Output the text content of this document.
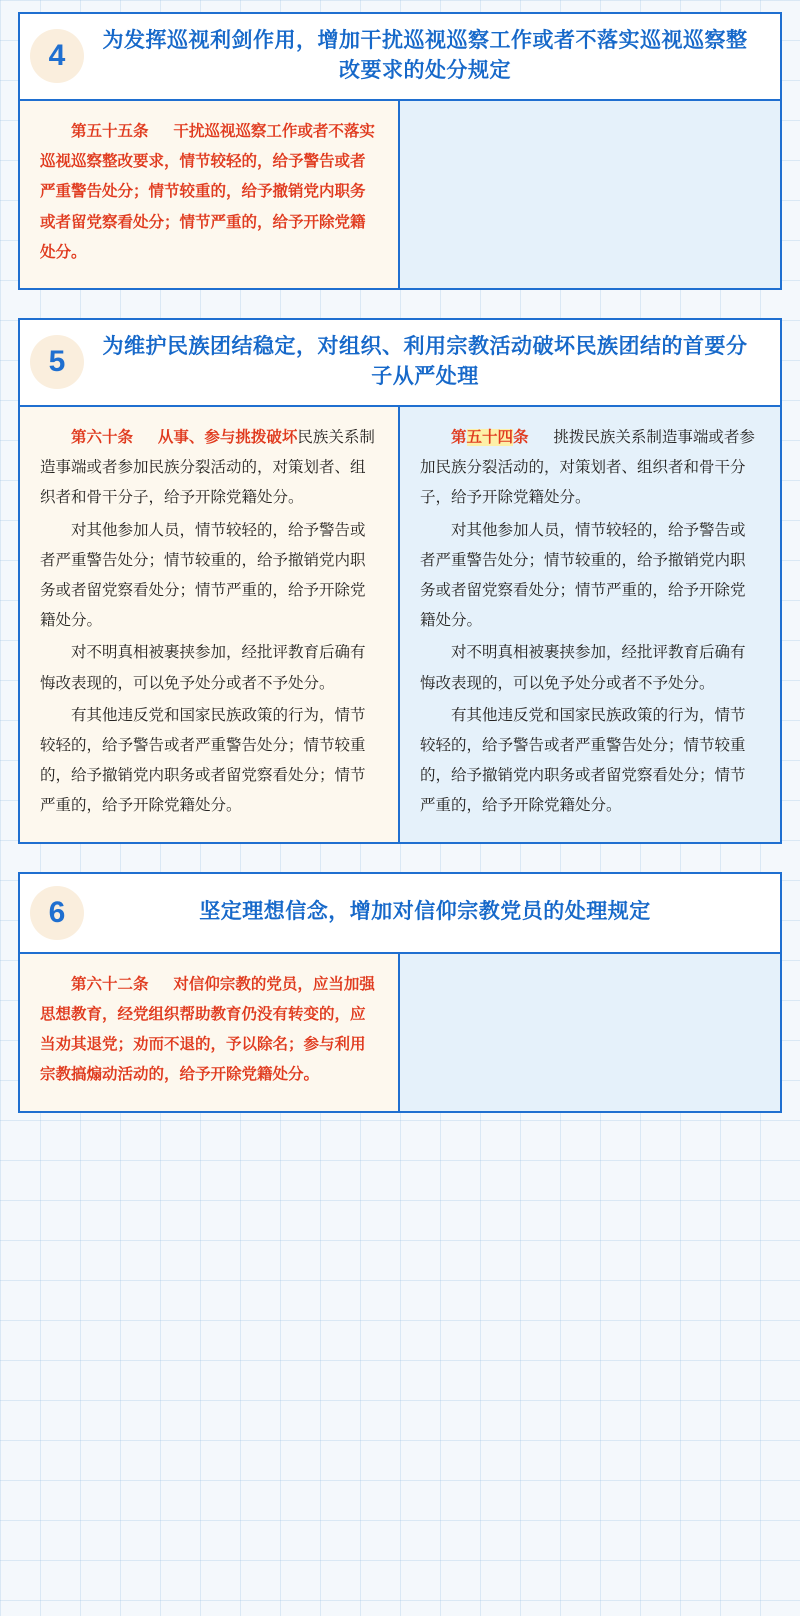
4	为发挥巡视利剑作用，增加干扰巡视巡察工作或者不落实巡视巡察整改要求的处分规定

第五十五条 干扰巡视巡察工作或者不落实巡视巡察整改要求，情节较轻的，给予警告或者严重警告处分；情节较重的，给予撤销党内职务或者留党察看处分；情节严重的，给予开除党籍处分。

5	为维护民族团结稳定，对组织、利用宗教活动破坏民族团结的首要分子从严处理

第六十条 从事、参与挑拨破坏民族关系制造事端或者参加民族分裂活动的，对策划者、组织者和骨干分子，给予开除党籍处分。

对其他参加人员，情节较轻的，给予警告或者严重警告处分；情节较重的，给予撤销党内职务或者留党察看处分；情节严重的，给予开除党籍处分。

对不明真相被裹挟参加，经批评教育后确有悔改表现的，可以免予处分或者不予处分。

有其他违反党和国家民族政策的行为，情节较轻的，给予警告或者严重警告处分；情节较重的，给予撤销党内职务或者留党察看处分；情节严重的，给予开除党籍处分。

第五十四条 挑拨民族关系制造事端或者参加民族分裂活动的，对策划者、组织者和骨干分子，给予开除党籍处分。

对其他参加人员，情节较轻的，给予警告或者严重警告处分；情节较重的，给予撤销党内职务或者留党察看处分；情节严重的，给予开除党籍处分。

对不明真相被裹挟参加，经批评教育后确有悔改表现的，可以免予处分或者不予处分。

有其他违反党和国家民族政策的行为，情节较轻的，给予警告或者严重警告处分；情节较重的，给予撤销党内职务或者留党察看处分；情节严重的，给予开除党籍处分。

6	坚定理想信念，增加对信仰宗教党员的处理规定

第六十二条 对信仰宗教的党员，应当加强思想教育，经党组织帮助教育仍没有转变的，应当劝其退党；劝而不退的，予以除名；参与利用宗教搞煽动活动的，给予开除党籍处分。
